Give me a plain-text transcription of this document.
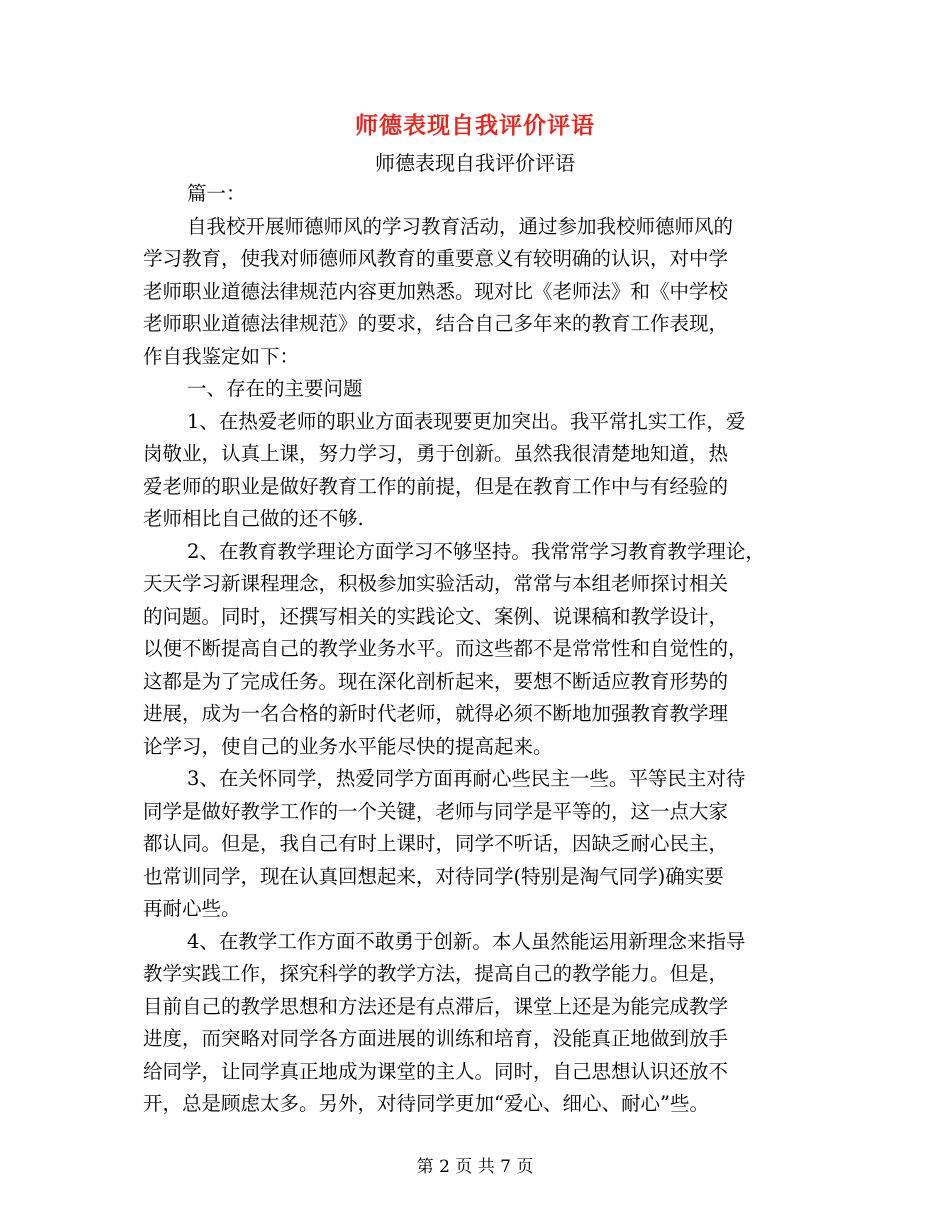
师德表现自我评价评语
师德表现自我评价评语
篇一：
自我校开展师德师风的学习教育活动，通过参加我校师德师风的
学习教育，使我对师德师风教育的重要意义有较明确的认识，对中学
老师职业道德法律规范内容更加熟悉。现对比《老师法》和《中学校
老师职业道德法律规范》的要求，结合自己多年来的教育工作表现，
作自我鉴定如下：
一、存在的主要问题
1、在热爱老师的职业方面表现要更加突出。我平常扎实工作，爱
岗敬业，认真上课，努力学习，勇于创新。虽然我很清楚地知道，热
爱老师的职业是做好教育工作的前提，但是在教育工作中与有经验的
老师相比自己做的还不够.
2、在教育教学理论方面学习不够坚持。我常常学习教育教学理论，
天天学习新课程理念，积极参加实验活动，常常与本组老师探讨相关
的问题。同时，还撰写相关的实践论文、案例、说课稿和教学设计，
以便不断提高自己的教学业务水平。而这些都不是常常性和自觉性的，
这都是为了完成任务。现在深化剖析起来，要想不断适应教育形势的
进展，成为一名合格的新时代老师，就得必须不断地加强教育教学理
论学习，使自己的业务水平能尽快的提高起来。
3、在关怀同学，热爱同学方面再耐心些民主一些。平等民主对待
同学是做好教学工作的一个关键，老师与同学是平等的，这一点大家
都认同。但是，我自己有时上课时，同学不听话，因缺乏耐心民主，
也常训同学，现在认真回想起来，对待同学(特别是淘气同学)确实要
再耐心些。
4、在教学工作方面不敢勇于创新。本人虽然能运用新理念来指导
教学实践工作，探究科学的教学方法，提高自己的教学能力。但是，
目前自己的教学思想和方法还是有点滞后，课堂上还是为能完成教学
进度，而突略对同学各方面进展的训练和培育，没能真正地做到放手
给同学，让同学真正地成为课堂的主人。同时，自己思想认识还放不
开，总是顾虑太多。另外，对待同学更加“爱心、细心、耐心”些。
第 2 页 共 7 页
